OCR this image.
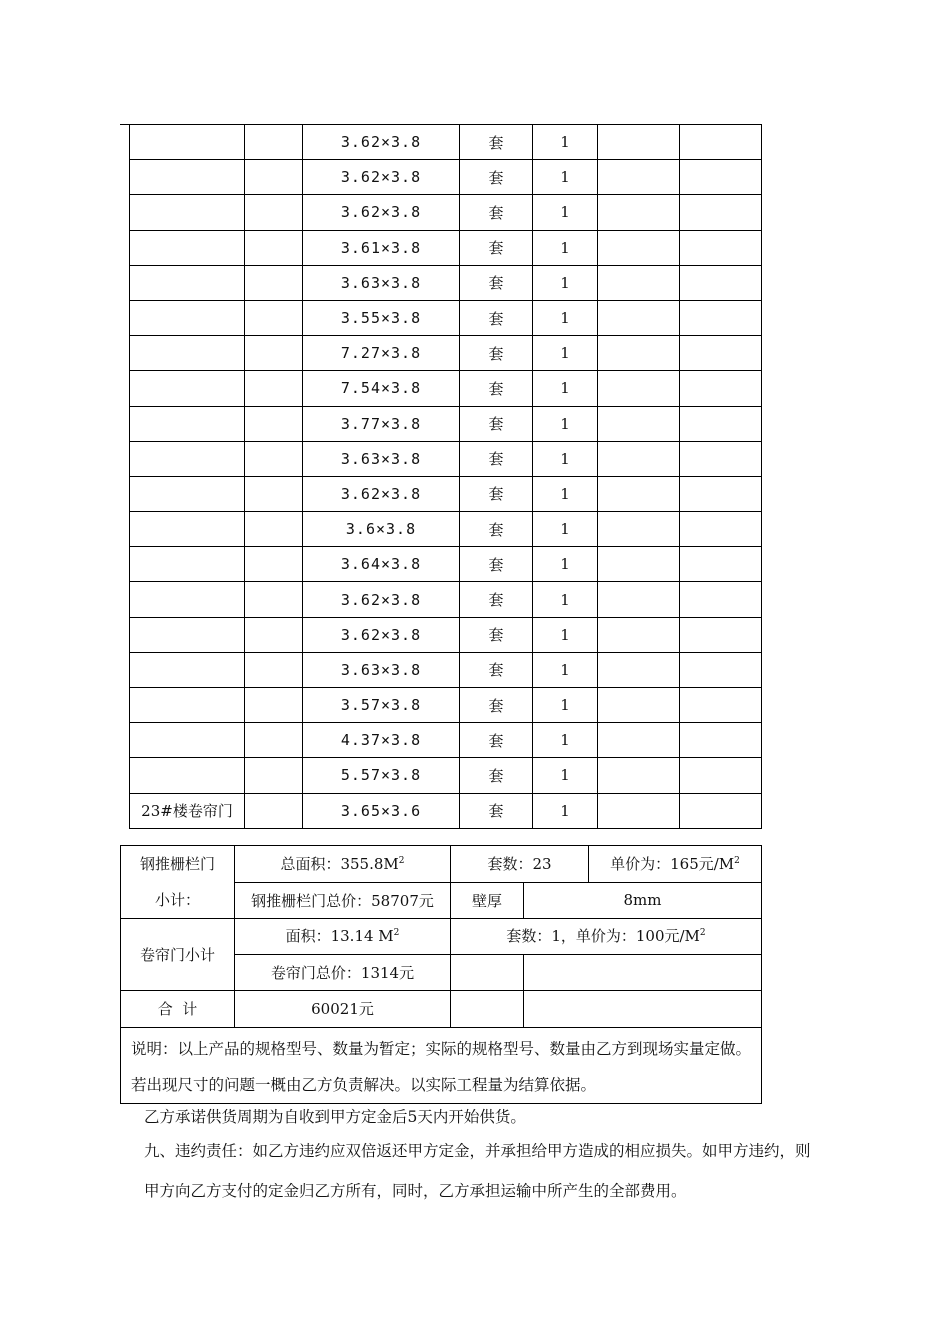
		3.62×3.8	套	1		
		3.62×3.8	套	1		
		3.62×3.8	套	1		
		3.61×3.8	套	1		
		3.63×3.8	套	1		
		3.55×3.8	套	1		
		7.27×3.8	套	1		
		7.54×3.8	套	1		
		3.77×3.8	套	1		
		3.63×3.8	套	1		
		3.62×3.8	套	1		
		3.6×3.8	套	1		
		3.64×3.8	套	1		
		3.62×3.8	套	1		
		3.62×3.8	套	1		
		3.63×3.8	套	1		
		3.57×3.8	套	1		
		4.37×3.8	套	1		
		5.57×3.8	套	1		
23#楼卷帘门		3.65×3.6	套	1		
钢推栅栏门
小计：	总面积：$355.8M^2$	套数：23		单价为：165元$/M^2$
	钢推栅栏门总价：58707元	壁厚	8mm	
卷帘门小计	面积：13.14 $M^2$	套数：1，单价为：100元$/M^2$
	卷帘门总价：1314元			
合  计	60021元			
说明：以上产品的规格型号、数量为暂定；实际的规格型号、数量由乙方到现场实量定做。若出现尺寸的问题一概由乙方负责解决。以实际工程量为结算依据。				
乙方承诺供货周期为自收到甲方定金后5天内开始供货。
九、违约责任：如乙方违约应双倍返还甲方定金，并承担给甲方造成的相应损失。如甲方违约，则甲方向乙方支付的定金归乙方所有，同时，乙方承担运输中所产生的全部费用。
